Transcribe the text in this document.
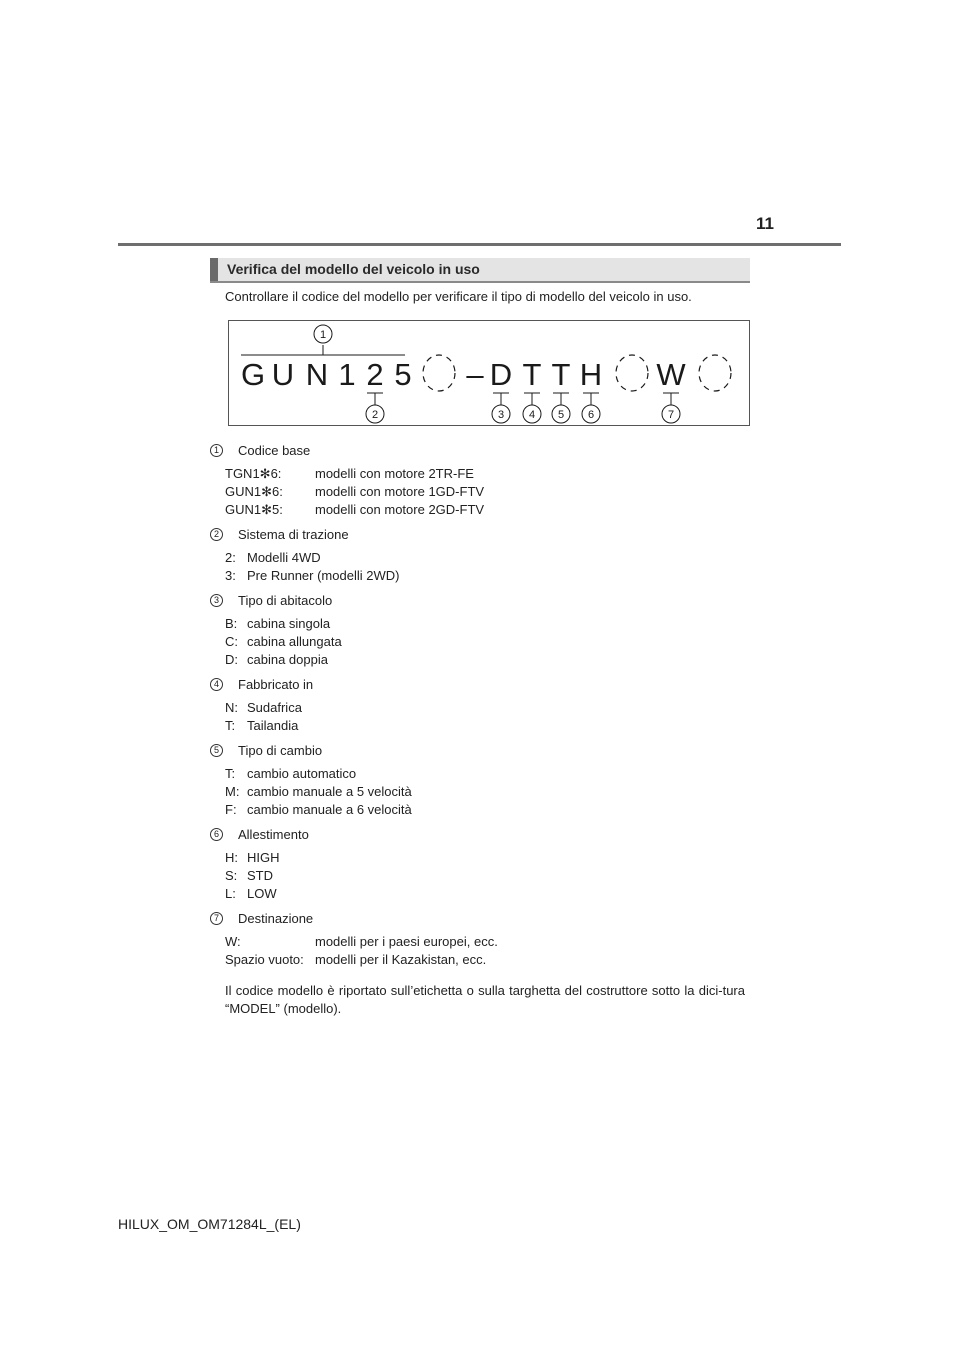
11
Verifica del modello del veicolo in uso
Controllare il codice del modello per verificare il tipo di modello del veicolo in uso.
G U N 1 2 5 – D T T H W
1
2	3 4 5 6	7
1	Codice base
TGN1✻6:	modelli con motore 2TR-FE
GUN1✻6:	modelli con motore 1GD-FTV
GUN1✻5:	modelli con motore 2GD-FTV
2	Sistema di trazione
2: Modelli 4WD
3: Pre Runner (modelli 2WD)
3	Tipo di abitacolo
B: cabina singola
C: cabina allungata
D: cabina doppia
4	Fabbricato in
N: Sudafrica
T: Tailandia
5	Tipo di cambio
T: cambio automatico
M: cambio manuale a 5 velocità
F: cambio manuale a 6 velocità
6	Allestimento
H: HIGH
S: STD
L: LOW
7	Destinazione
W:	modelli per i paesi europei, ecc.
Spazio vuoto: modelli per il Kazakistan, ecc.
Il codice modello è riportato sull’etichetta o sulla targhetta del costruttore sotto la dici-tura “MODEL” (modello).
HILUX_OM_OM71284L_(EL)
